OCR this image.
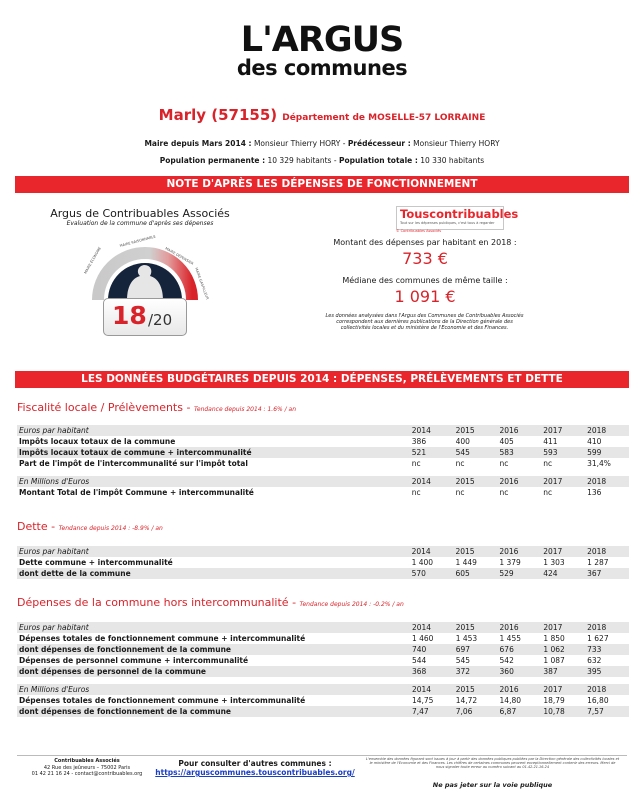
L'ARGUS
des communes
Marly (57155) Département de MOSELLE-57 LORRAINE
Maire depuis Mars 2014 : Monsieur Thierry HORY - Prédécesseur : Monsieur Thierry HORY
Population permanente : 10 329 habitants - Population totale : 10 330 habitants
NOTE D'APRÈS LES DÉPENSES DE FONCTIONNEMENT
Argus de Contribuables Associés
Evaluation de la commune d'après ses dépenses
MAIRE ÉCONOME
MAIRE RAISONNABLE
MAIRE DÉPENSIER
MAIRE GASPILLEUR
18 /20
Touscontribuables
Tout sur les dépenses publiques, c'est tous à regarder
© Contribuables Associés
Montant des dépenses par habitant en 2018 :
733 €
Médiane des communes de même taille :
1 091 €
Les données analysées dans l'Argus des Communes de Contribuables Associés correspondent aux dernières publications de la Direction générale des collectivités locales et du ministère de l'Economie et des Finances.
LES DONNÉES BUDGÉTAIRES DEPUIS 2014 : DÉPENSES, PRÉLÈVEMENTS ET DETTE
Fiscalité locale / Prélèvements - Tendance depuis 2014 : 1.6% / an
Euros par habitant	2014	2015	2016	2017	2018
Impôts locaux totaux de la commune	386	400	405	411	410
Impôts locaux totaux de commune + intercommunalité	521	545	583	593	599
Part de l'impôt de l'intercommunalité sur l'impôt total	nc	nc	nc	nc	31,4%

En Millions d'Euros	2014	2015	2016	2017	2018
Montant Total de l'impôt Commune + intercommunalité	nc	nc	nc	nc	136
Dette - Tendance depuis 2014 : -8.9% / an
Euros par habitant	2014	2015	2016	2017	2018
Dette commune + intercommunalité	1 400	1 449	1 379	1 303	1 287
dont dette de la commune	570	605	529	424	367
Dépenses de la commune hors intercommunalité - Tendance depuis 2014 : -0.2% / an
Euros par habitant	2014	2015	2016	2017	2018
Dépenses totales de fonctionnement commune + intercommunalité	1 460	1 453	1 455	1 850	1 627
dont dépenses de fonctionnement de la commune	740	697	676	1 062	733
Dépenses de personnel commune + intercommunalité	544	545	542	1 087	632
dont dépenses de personnel de la commune	368	372	360	387	395

En Millions d'Euros	2014	2015	2016	2017	2018
Dépenses totales de fonctionnement commune + intercommunalité	14,75	14,72	14,80	18,79	16,80
dont dépenses de fonctionnement de la commune	7,47	7,06	6,87	10,78	7,57
Contribuables Associés
42 Rue des jeûneurs – 75002 Paris
01 42 21 16 24 - contact@contribuables.org
Pour consulter d'autres communes :
https://arguscommunes.touscontribuables.org/
L'ensemble des données figurant sont issues à jour à partir des données publiques publiées par la Direction générale des collectivités locales et le ministère de l'Economie et des Finances. Les chiffres de certaines communes peuvent exceptionnellement contenir des erreurs. Merci de nous signaler toute erreur au numéro suivant au 01.42.21.16.24
Ne pas jeter sur la voie publique
